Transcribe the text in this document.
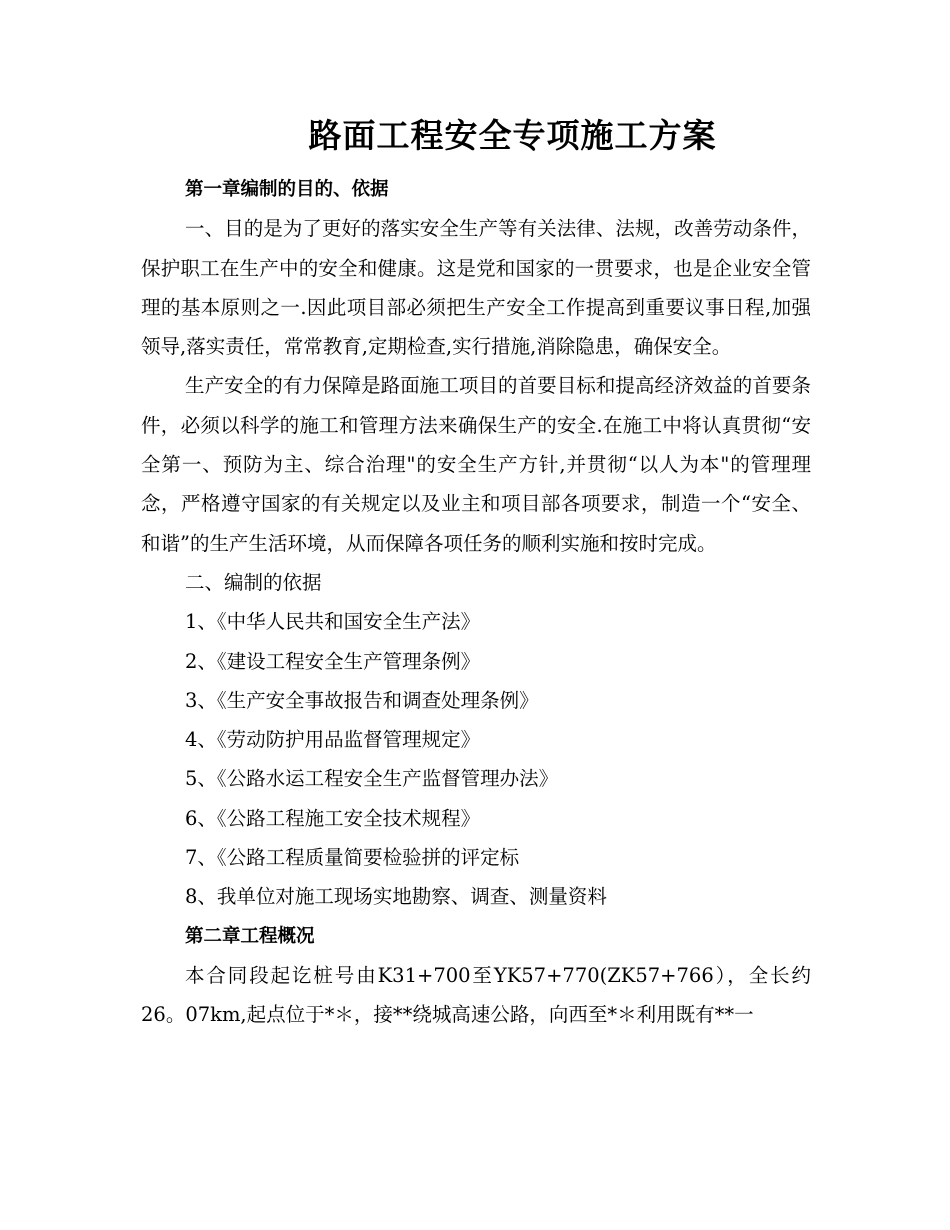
路面工程安全专项施工方案

第一章编制的目的、依据

一、目的是为了更好的落实安全生产等有关法律、法规，改善劳动条件，保护职工在生产中的安全和健康。这是党和国家的一贯要求，也是企业安全管理的基本原则之一.因此项目部必须把生产安全工作提高到重要议事日程,加强领导,落实责任，常常教育,定期检查,实行措施,消除隐患，确保安全。

生产安全的有力保障是路面施工项目的首要目标和提高经济效益的首要条件，必须以科学的施工和管理方法来确保生产的安全.在施工中将认真贯彻“安全第一、预防为主、综合治理"的安全生产方针,并贯彻“以人为本"的管理理念，严格遵守国家的有关规定以及业主和项目部各项要求，制造一个“安全、和谐”的生产生活环境，从而保障各项任务的顺利实施和按时完成。

二、编制的依据

1、《中华人民共和国安全生产法》

2、《建设工程安全生产管理条例》

3、《生产安全事故报告和调查处理条例》

4、《劳动防护用品监督管理规定》

5、《公路水运工程安全生产监督管理办法》

6、《公路工程施工安全技术规程》

7、《公路工程质量简要检验拼的评定标

8、我单位对施工现场实地勘察、调查、测量资料

第二章工程概况

本合同段起讫桩号由K31+700至YK57+770(ZK57+766），全长约26。07km,起点位于*＊，接**绕城高速公路，向西至*＊利用既有**一
